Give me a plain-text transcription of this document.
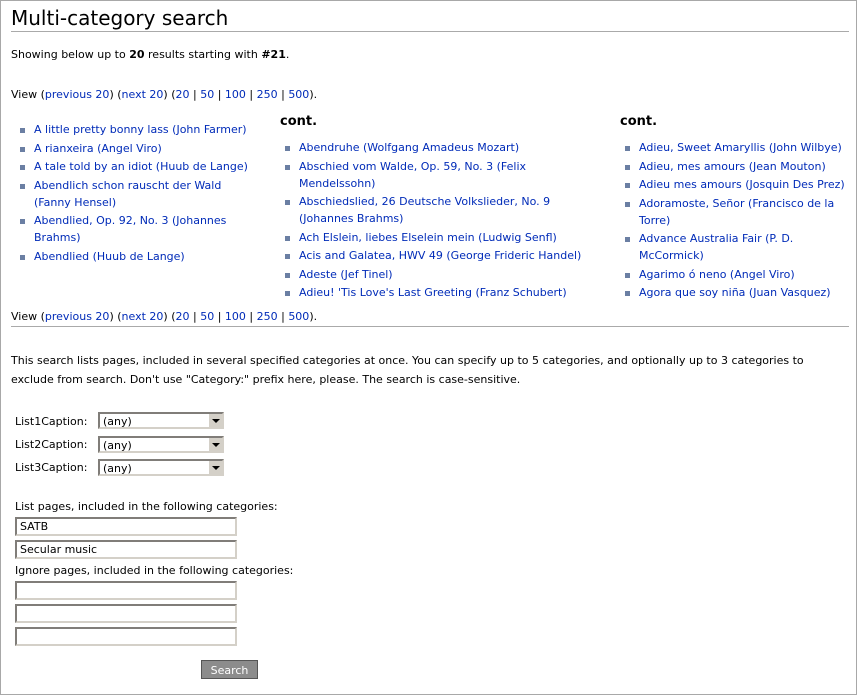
Multi-category search
Showing below up to 20 results starting with #21.
View (previous 20) (next 20) (20 | 50 | 100 | 250 | 500).
A little pretty bonny lass (John Farmer)
A rianxeira (Angel Viro)
A tale told by an idiot (Huub de Lange)
Abendlich schon rauscht der Wald (Fanny Hensel)
Abendlied, Op. 92, No. 3 (Johannes Brahms)
Abendlied (Huub de Lange)
cont.
Abendruhe (Wolfgang Amadeus Mozart)
Abschied vom Walde, Op. 59, No. 3 (Felix Mendelssohn)
Abschiedslied, 26 Deutsche Volkslieder, No. 9 (Johannes Brahms)
Ach Elslein, liebes Elselein mein (Ludwig Senfl)
Acis and Galatea, HWV 49 (George Frideric Handel)
Adeste (Jef Tinel)
Adieu! 'Tis Love's Last Greeting (Franz Schubert)
cont.
Adieu, Sweet Amaryllis (John Wilbye)
Adieu, mes amours (Jean Mouton)
Adieu mes amours (Josquin Des Prez)
Adoramoste, Señor (Francisco de la Torre)
Advance Australia Fair (P. D. McCormick)
Agarimo ó neno (Angel Viro)
Agora que soy niña (Juan Vasquez)
View (previous 20) (next 20) (20 | 50 | 100 | 250 | 500).
This search lists pages, included in several specified categories at once. You can specify up to 5 categories, and optionally up to 3 categories to exclude from search. Don't use "Category:" prefix here, please. The search is case-sensitive.
List1Caption: (any)
List2Caption: (any)
List3Caption: (any)
List pages, included in the following categories:
SATB
Secular music
Ignore pages, included in the following categories:
Search
